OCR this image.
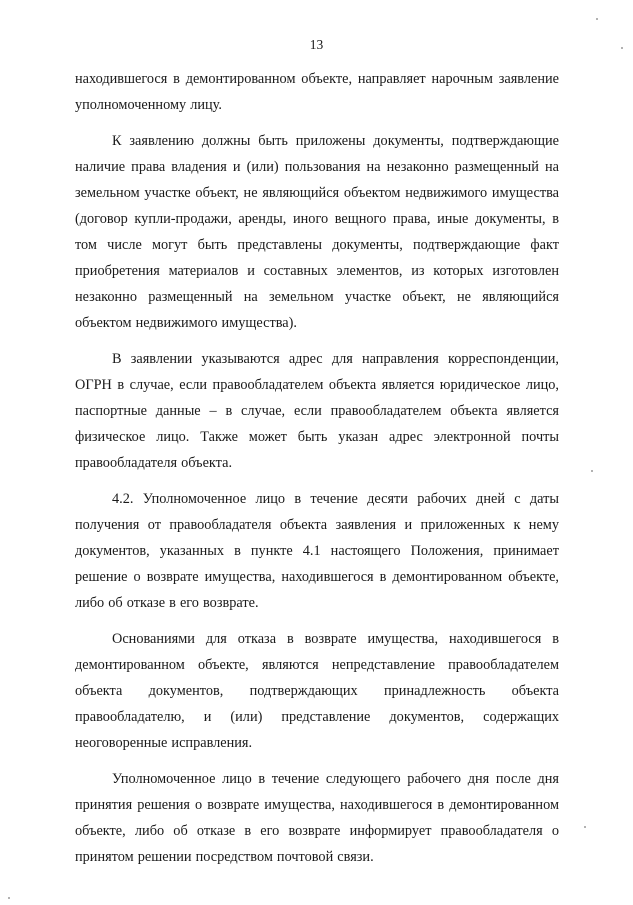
13

находившегося в демонтированном объекте, направляет нарочным заявление уполномоченному лицу.

К заявлению должны быть приложены документы, подтверждающие наличие права владения и (или) пользования на незаконно размещенный на земельном участке объект, не являющийся объектом недвижимого имущества (договор купли-продажи, аренды, иного вещного права, иные документы, в том числе могут быть представлены документы, подтверждающие факт приобретения материалов и составных элементов, из которых изготовлен незаконно размещенный на земельном участке объект, не являющийся объектом недвижимого имущества).

В заявлении указываются адрес для направления корреспонденции, ОГРН в случае, если правообладателем объекта является юридическое лицо, паспортные данные – в случае, если правообладателем объекта является физическое лицо. Также может быть указан адрес электронной почты правообладателя объекта.

4.2. Уполномоченное лицо в течение десяти рабочих дней с даты получения от правообладателя объекта заявления и приложенных к нему документов, указанных в пункте 4.1 настоящего Положения, принимает решение о возврате имущества, находившегося в демонтированном объекте, либо об отказе в его возврате.

Основаниями для отказа в возврате имущества, находившегося в демонтированном объекте, являются непредставление правообладателем объекта документов, подтверждающих принадлежность объекта правообладателю, и (или) представление документов, содержащих неоговоренные исправления.

Уполномоченное лицо в течение следующего рабочего дня после дня принятия решения о возврате имущества, находившегося в демонтированном объекте, либо об отказе в его возврате информирует правообладателя о принятом решении посредством почтовой связи.
